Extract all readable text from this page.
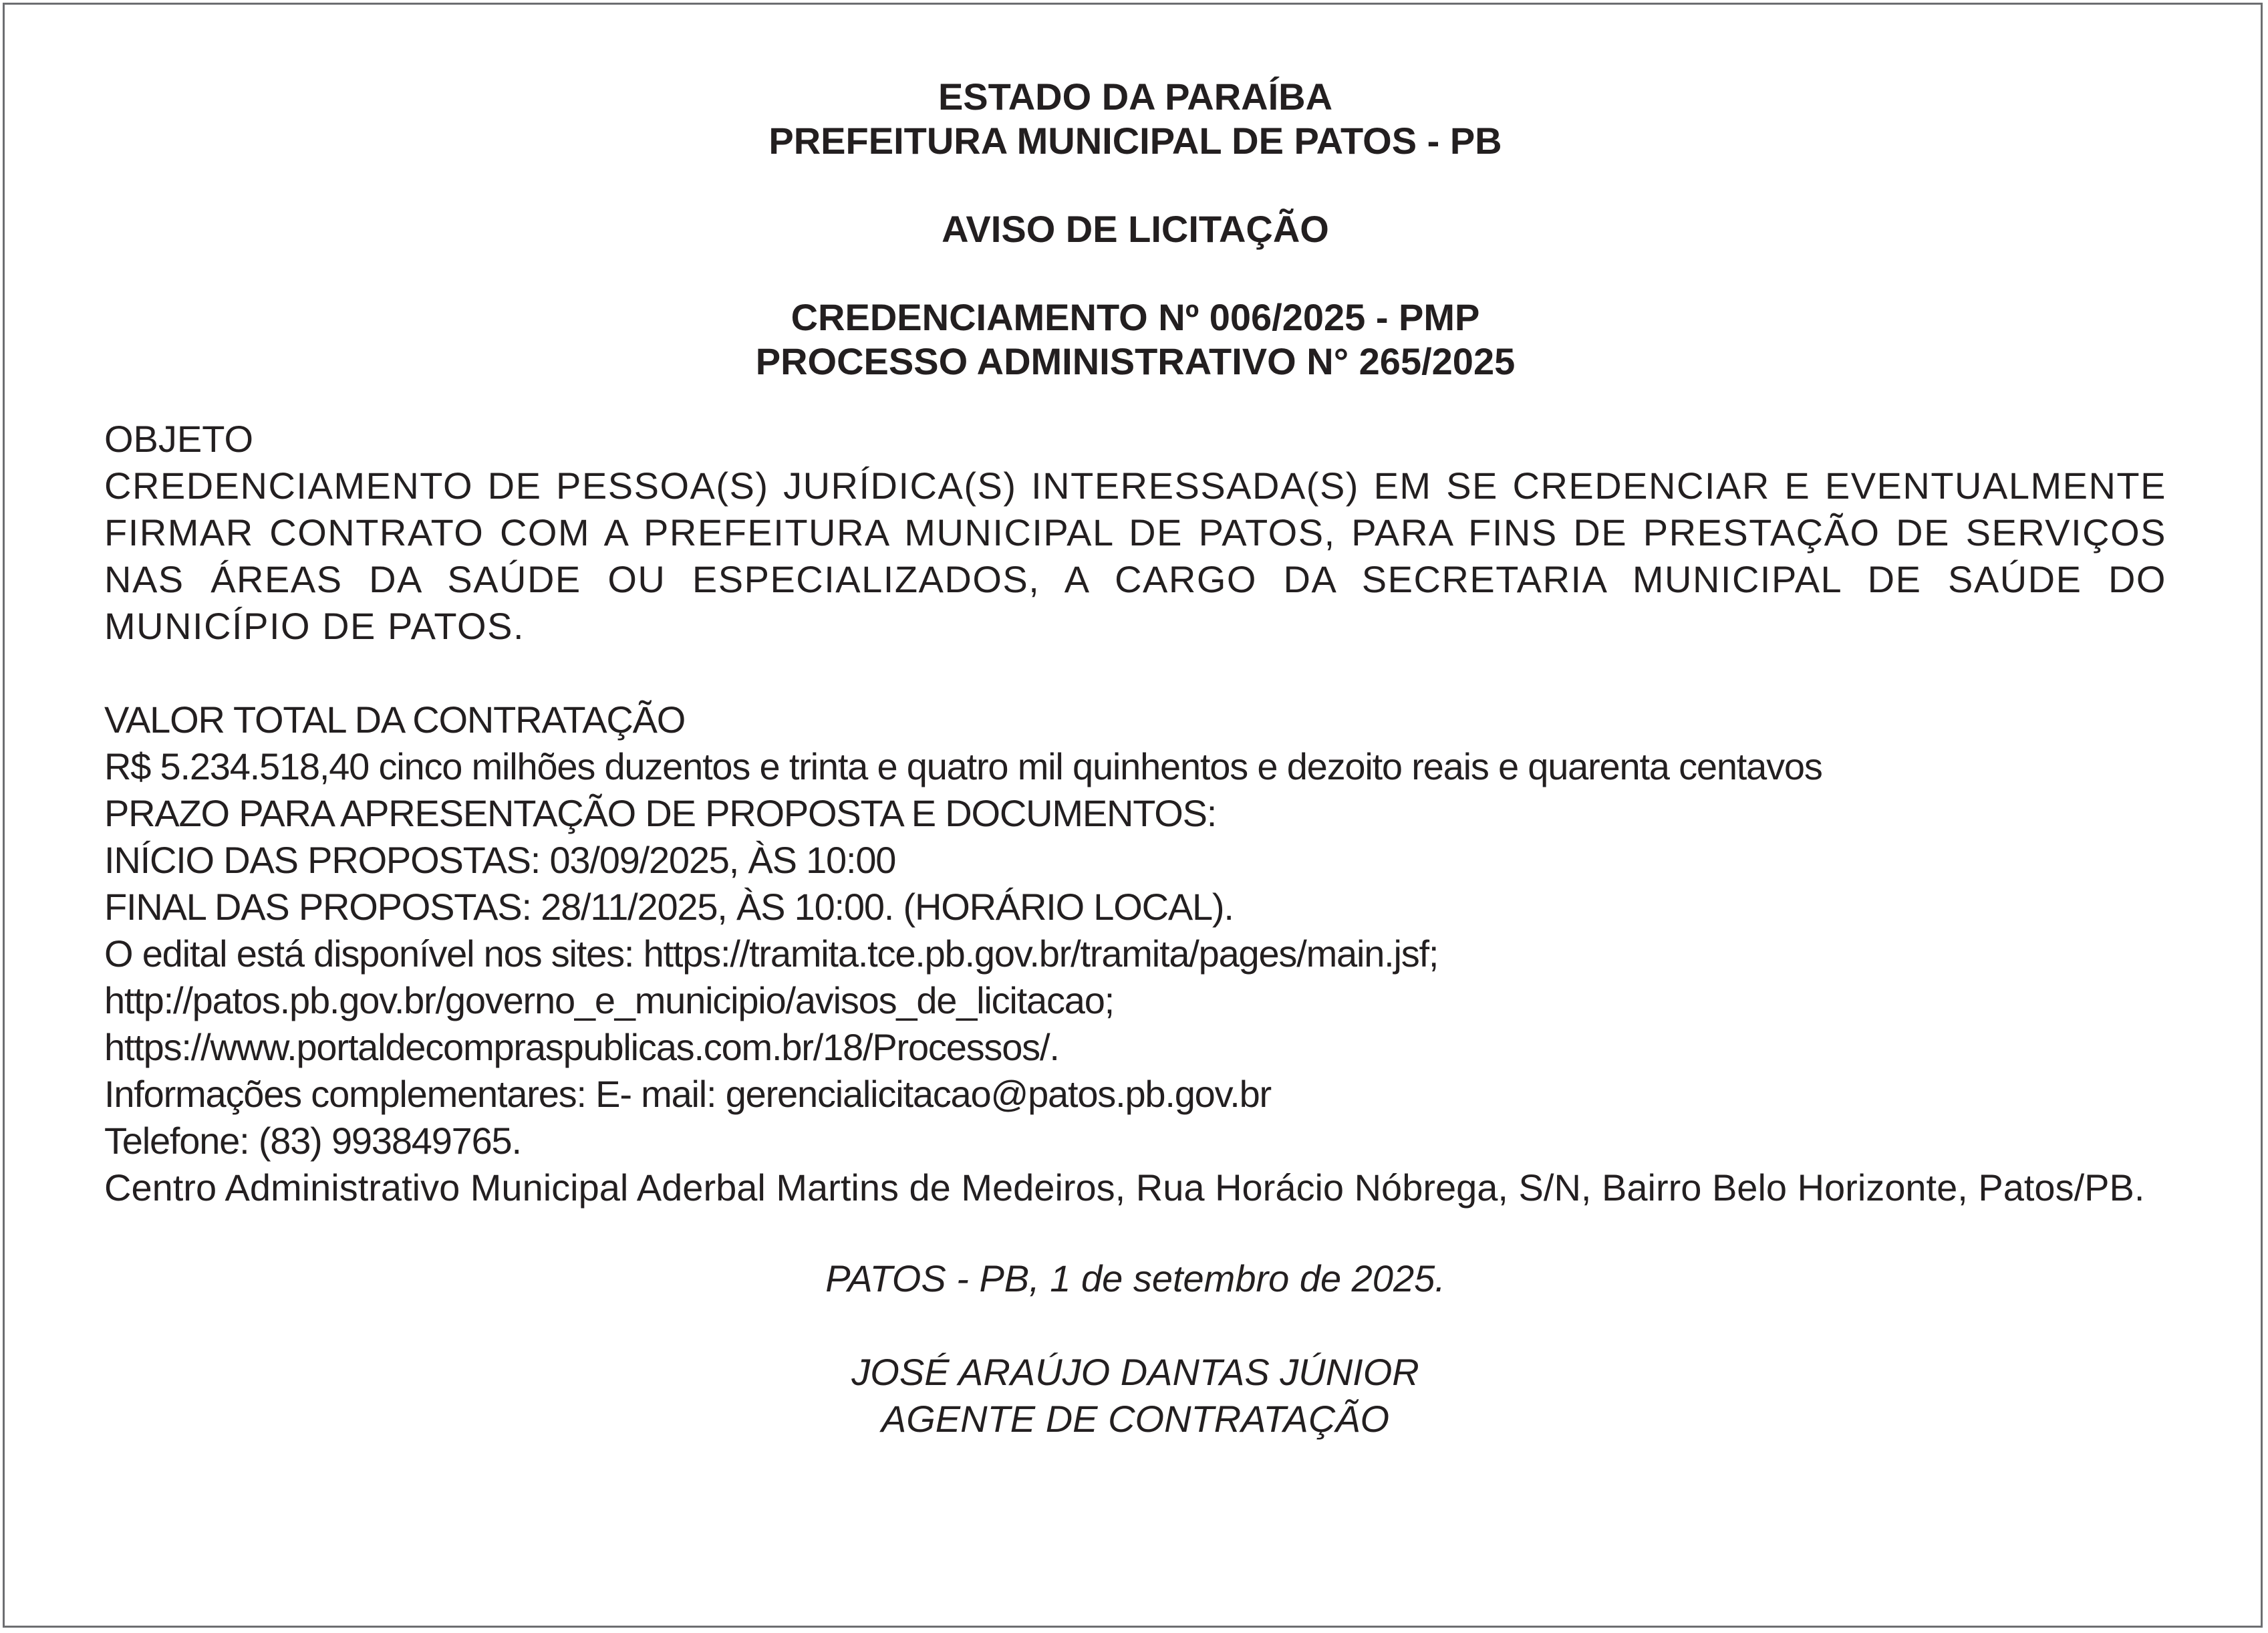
ESTADO DA PARAÍBA

PREFEITURA MUNICIPAL DE PATOS - PB

AVISO DE LICITAÇÃO

CREDENCIAMENTO Nº 006/2025 - PMP

PROCESSO ADMINISTRATIVO N° 265/2025

OBJETO

CREDENCIAMENTO DE PESSOA(S) JURÍDICA(S) INTERESSADA(S) EM SE CREDENCIAR E EVENTUALMENTE FIRMAR CONTRATO COM A PREFEITURA MUNICIPAL DE PATOS, PARA FINS DE PRESTAÇÃO DE SERVIÇOS NAS ÁREAS DA SAÚDE OU ESPECIALIZADOS, A CARGO DA SECRETARIA MUNICIPAL DE SAÚDE DO MUNICÍPIO DE PATOS.

VALOR TOTAL DA CONTRATAÇÃO

R$ 5.234.518,40 cinco milhões duzentos e trinta e quatro mil quinhentos e dezoito reais e quarenta centavos

PRAZO PARA APRESENTAÇÃO DE PROPOSTA E DOCUMENTOS:

INÍCIO DAS PROPOSTAS: 03/09/2025, ÀS 10:00

FINAL DAS PROPOSTAS: 28/11/2025, ÀS 10:00. (HORÁRIO LOCAL).

O edital está disponível nos sites: https://tramita.tce.pb.gov.br/tramita/pages/main.jsf;

http://patos.pb.gov.br/governo_e_municipio/avisos_de_licitacao;

https://www.portaldecompraspublicas.com.br/18/Processos/.

Informações complementares: E- mail: gerencialicitacao@patos.pb.gov.br

Telefone: (83) 993849765.

Centro Administrativo Municipal Aderbal Martins de Medeiros, Rua Horácio Nóbrega, S/N, Bairro Belo Horizonte, Patos/PB.

PATOS - PB, 1 de setembro de 2025.

JOSÉ ARAÚJO DANTAS JÚNIOR

AGENTE DE CONTRATAÇÃO
